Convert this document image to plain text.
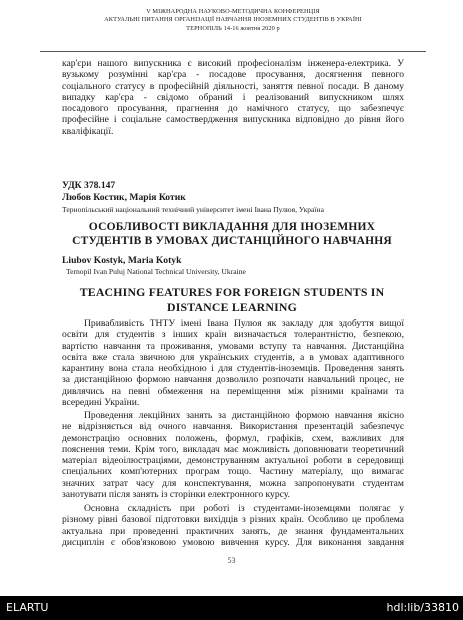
V МІЖНАРОДНА НАУКОВО-МЕТОДИЧНА КОНФЕРЕНЦІЯ
АКТУАЛЬНІ ПИТАННЯ ОРГАНІЗАЦІЇ НАВЧАННЯ ІНОЗЕМНИХ СТУДЕНТІВ В УКРАЇНІ
ТЕРНОПІЛЬ 14-16 жовтня 2020 р
кар'єри нашого випускника є високий професіоналізм інженера-електрика. У
вузькому розумінні кар'єра - посадове просування, досягнення певного
соціального статусу в професійній діяльності, заняття певної посади. В даному
випадку кар'єра - свідомо обраний і реалізований випускником шлях
посадового просування, прагнення до намічного статусу, що забезпечує
професійне і соціальне самоствердження випускника відповідно до рівня його
кваліфікації.
УДК 378.147
Любов Костик, Марія Котик
Тернопільський національний технічний університет імені Івана Пулюя, Україна
ОСОБЛИВОСТІ ВИКЛАДАННЯ ДЛЯ ІНОЗЕМНИХ
СТУДЕНТІВ В УМОВАХ ДИСТАНЦІЙНОГО НАВЧАННЯ
Liubov Kostyk, Maria Kotyk
Ternopil Ivan Puluj National Technical University, Ukraine
TEACHING FEATURES FOR FOREIGN STUDENTS IN
DISTANCE LEARNING
Привабливість ТНТУ імені Івана Пулюя як закладу для здобуття вищої
освіти для студентів з інших країн визначається толерантністю, безпекою,
вартістю навчання та проживання, умовами вступу та навчання. Дистанційна
освіта вже стала звичною для українських студентів, а в умовах адаптивного
карантину вона стала необхідною і для студентів-іноземців. Проведення занять
за дистанційною формою навчання дозволило розпочати навчальний процес, не
дивлячись на певні обмеження на переміщення між різними країнами та
всередині України.
Проведення лекційних занять за дистанційною формою навчання якісно
не відрізняється від очного навчання. Використання презентацій забезпечує
демонстрацію основних положень, формул, графіків, схем, важливих для
пояснення теми. Крім того, викладач має можливість доповнювати теоретичний
матеріал відеоілюстраціями, демонструванням актуальної роботи в середовищі
спеціальних комп'ютерних програм тощо. Частину матеріалу, що вимагає
значних затрат часу для конспектування, можна запропонувати студентам
занотувати після занять із сторінки електронного курсу.
Основна складність при роботі із студентами-іноземцями полягає у
різному рівні базової підготовки вихідців з різних країн. Особливо це проблема
актуальна при проведенні практичних занять, де знання фундаментальних
дисциплін є обов'язковою умовою вивчення курсу. Для виконання завдання
53
ELARTU	hdl:lib/33810
